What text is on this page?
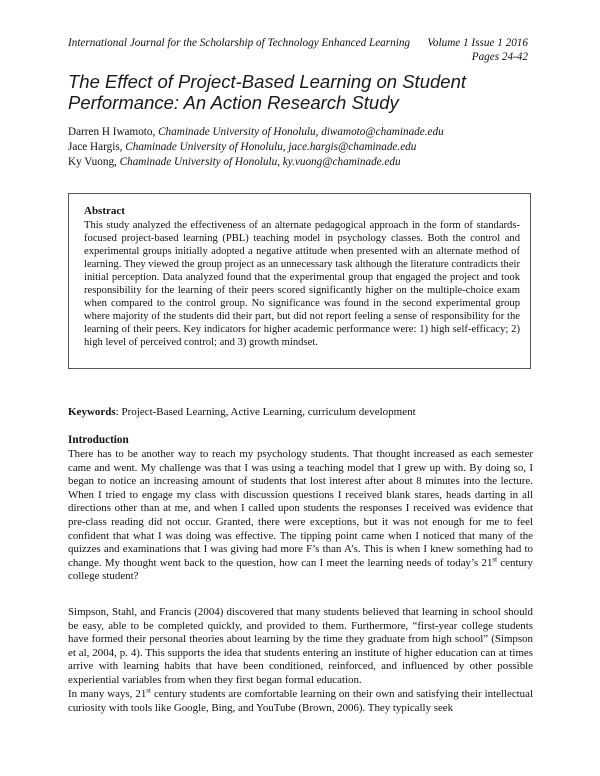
International Journal for the Scholarship of Technology Enhanced Learning Volume 1 Issue 1 2016
Pages 24-42
The Effect of Project-Based Learning on Student
Performance: An Action Research Study
Darren H Iwamoto, Chaminade University of Honolulu, diwamoto@chaminade.edu
Jace Hargis, Chaminade University of Honolulu, jace.hargis@chaminade.edu
Ky Vuong, Chaminade University of Honolulu, ky.vuong@chaminade.edu
Abstract
This study analyzed the effectiveness of an alternate pedagogical approach in the form of standards-focused project-based learning (PBL) teaching model in psychology classes. Both the control and experimental groups initially adopted a negative attitude when presented with an alternate method of learning. They viewed the group project as an unnecessary task although the literature contradicts their initial perception. Data analyzed found that the experimental group that engaged the project and took responsibility for the learning of their peers scored significantly higher on the multiple-choice exam when compared to the control group. No significance was found in the second experimental group where majority of the students did their part, but did not report feeling a sense of responsibility for the learning of their peers. Key indicators for higher academic performance were: 1) high self-efficacy; 2) high level of perceived control; and 3) growth mindset.
Keywords: Project-Based Learning, Active Learning, curriculum development
Introduction

There has to be another way to reach my psychology students. That thought increased as each semester came and went. My challenge was that I was using a teaching model that I grew up with. By doing so, I began to notice an increasing amount of students that lost interest after about 8 minutes into the lecture. When I tried to engage my class with discussion questions I received blank stares, heads darting in all directions other than at me, and when I called upon students the responses I received was evidence that pre-class reading did not occur. Granted, there were exceptions, but it was not enough for me to feel confident that what I was doing was effective. The tipping point came when I noticed that many of the quizzes and examinations that I was giving had more F’s than A’s. This is when I knew something had to change. My thought went back to the question, how can I meet the learning needs of today’s 21st century college student?

Simpson, Stahl, and Francis (2004) discovered that many students believed that learning in school should be easy, able to be completed quickly, and provided to them. Furthermore, “first-year college students have formed their personal theories about learning by the time they graduate from high school” (Simpson et al, 2004, p. 4). This supports the idea that students entering an institute of higher education can at times arrive with learning habits that have been conditioned, reinforced, and influenced by other possible experiential variables from when they first began formal education.

In many ways, 21st century students are comfortable learning on their own and satisfying their intellectual curiosity with tools like Google, Bing, and YouTube (Brown, 2006). They typically seek
